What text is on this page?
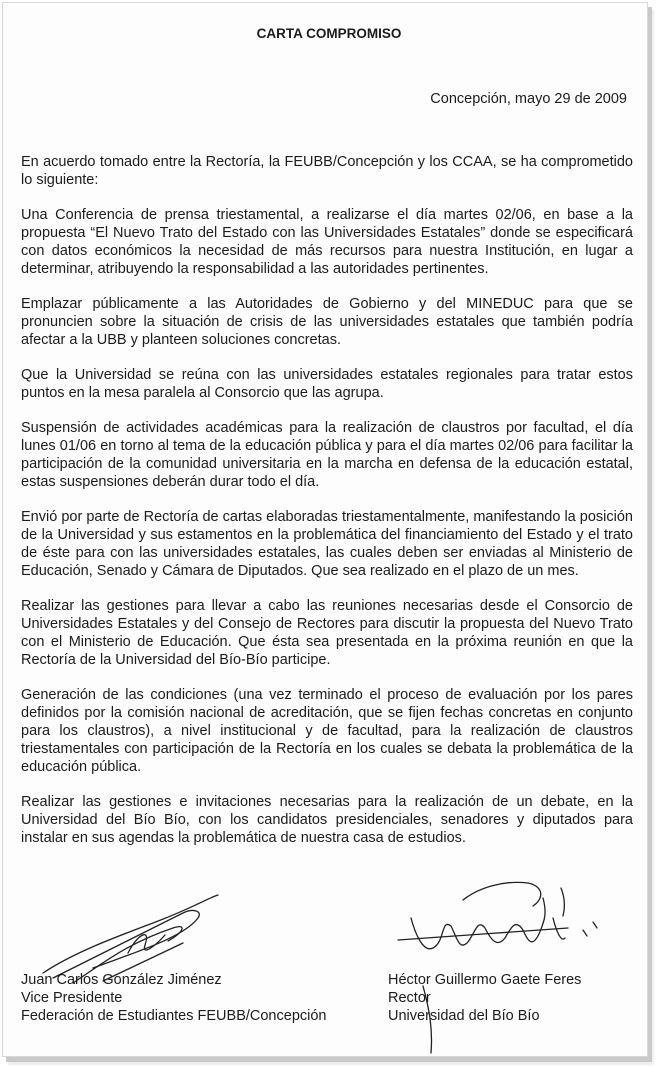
CARTA COMPROMISO
Concepción, mayo 29 de 2009

En acuerdo tomado entre la Rectoría, la FEUBB/Concepción y los CCAA, se ha comprometido lo siguiente:

Una Conferencia de prensa triestamental, a realizarse el día martes 02/06, en base a la propuesta “El Nuevo Trato del Estado con las Universidades Estatales” donde se especificará con datos económicos la necesidad de más recursos para nuestra Institución, en lugar a determinar, atribuyendo la responsabilidad a las autoridades pertinentes.

Emplazar públicamente a las Autoridades de Gobierno y del MINEDUC para que se pronuncien sobre la situación de crisis de las universidades estatales que también podría afectar a la UBB y planteen soluciones concretas.

Que la Universidad se reúna con las universidades estatales regionales para tratar estos puntos en la mesa paralela al Consorcio que las agrupa.

Suspensión de actividades académicas para la realización de claustros por facultad, el día lunes 01/06 en torno al tema de la educación pública y para el día martes 02/06 para facilitar la participación de la comunidad universitaria en la marcha en defensa de la educación estatal, estas suspensiones deberán durar todo el día.

Envió por parte de Rectoría de cartas elaboradas triestamentalmente, manifestando la posición de la Universidad y sus estamentos en la problemática del financiamiento del Estado y el trato de éste para con las universidades estatales, las cuales deben ser enviadas al Ministerio de Educación, Senado y Cámara de Diputados. Que sea realizado en el plazo de un mes.

Realizar las gestiones para llevar a cabo las reuniones necesarias desde el Consorcio de Universidades Estatales y del Consejo de Rectores para discutir la propuesta del Nuevo Trato con el Ministerio de Educación. Que ésta sea presentada en la próxima reunión en que la Rectoría de la Universidad del Bío-Bío participe.

Generación de las condiciones (una vez terminado el proceso de evaluación por los pares definidos por la comisión nacional de acreditación, que se fijen fechas concretas en conjunto para los claustros), a nivel institucional y de facultad, para la realización de claustros triestamentales con participación de la Rectoría en los cuales se debata la problemática de la educación pública.

Realizar las gestiones e invitaciones necesarias para la realización de un debate, en la Universidad del Bío Bío, con los candidatos presidenciales, senadores y diputados para instalar en sus agendas la problemática de nuestra casa de estudios.

Juan Carlos González Jiménez
Vice Presidente
Federación de Estudiantes FEUBB/Concepción
Héctor Guillermo Gaete Feres
Rector
Universidad del Bío Bío
